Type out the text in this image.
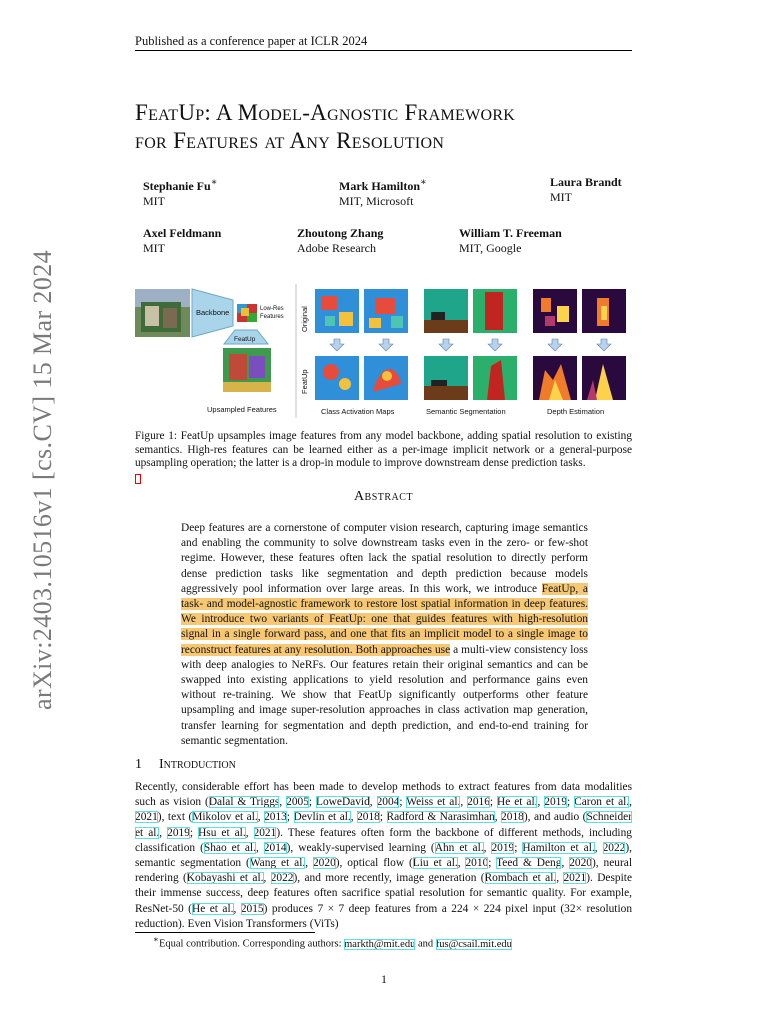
Published as a conference paper at ICLR 2024
FeatUp: A Model-Agnostic Framework
for Features at Any Resolution
Stephanie Fu∗
MIT
Mark Hamilton∗
MIT, Microsoft
Laura Brandt
MIT
Axel Feldmann
MIT
Zhoutong Zhang
Adobe Research
William T. Freeman
MIT, Google
arXiv:2403.10516v1 [cs.CV] 15 Mar 2024	Backbone	Low-Res
Features
FeatUp
Upsampled Features
Original
FeatUp
Class Activation Maps	Semantic Segmentation	Depth Estimation
Figure 1: FeatUp upsamples image features from any model backbone, adding spatial resolution to existing semantics. High-res features can be learned either as a per-image implicit network or a general-purpose upsampling operation; the latter is a drop-in module to improve downstream dense prediction tasks.
Abstract
Deep features are a cornerstone of computer vision research, capturing image semantics and enabling the community to solve downstream tasks even in the zero- or few-shot regime. However, these features often lack the spatial resolution to directly perform dense prediction tasks like segmentation and depth prediction because models aggressively pool information over large areas. In this work, we introduce FeatUp, a task- and model-agnostic framework to restore lost spatial information in deep features. We introduce two variants of FeatUp: one that guides features with high-resolution signal in a single forward pass, and one that fits an implicit model to a single image to reconstruct features at any resolution. Both approaches use a multi-view consistency loss with deep analogies to NeRFs. Our features retain their original semantics and can be swapped into existing applications to yield resolution and performance gains even without re-training. We show that FeatUp significantly outperforms other feature upsampling and image super-resolution approaches in class activation map generation, transfer learning for segmentation and depth prediction, and end-to-end training for semantic segmentation.
1 Introduction
Recently, considerable effort has been made to develop methods to extract features from data modalities such as vision (Dalal & Triggs, 2005; LoweDavid, 2004; Weiss et al., 2016; He et al., 2019; Caron et al., 2021), text (Mikolov et al., 2013; Devlin et al., 2018; Radford & Narasimhan, 2018), and audio (Schneider et al., 2019; Hsu et al., 2021). These features often form the backbone of different methods, including classification (Shao et al., 2014), weakly-supervised learning (Ahn et al., 2019; Hamilton et al., 2022), semantic segmentation (Wang et al., 2020), optical flow (Liu et al., 2010; Teed & Deng, 2020), neural rendering (Kobayashi et al., 2022), and more recently, image generation (Rombach et al., 2021). Despite their immense success, deep features often sacrifice spatial resolution for semantic quality. For example, ResNet-50 (He et al., 2015) produces 7 × 7 deep features from a 224 × 224 pixel input (32× resolution reduction). Even Vision Transformers (ViTs)
∗Equal contribution. Corresponding authors: markth@mit.edu and fus@csail.mit.edu
1
